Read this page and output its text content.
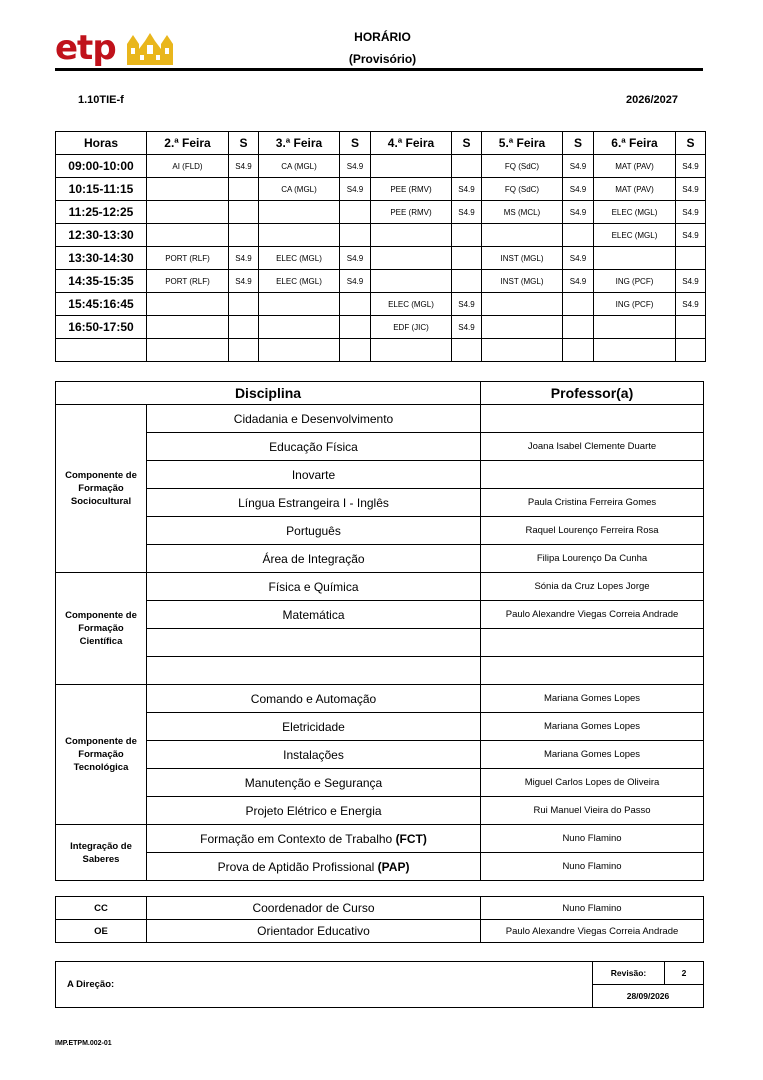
etp	HORÁRIO
(Provisório)
1.10TIE-f	2026/2027
Horas	2.ª Feira	S	3.ª Feira	S	4.ª Feira	S	5.ª Feira	S	6.ª Feira	S
09:00-10:00	AI (FLD)	S4.9	CA (MGL)	S4.9			FQ (SdC)	S4.9	MAT (PAV)	S4.9
10:15-11:15			CA (MGL)	S4.9	PEE (RMV)	S4.9	FQ (SdC)	S4.9	MAT (PAV)	S4.9
11:25-12:25					PEE (RMV)	S4.9	MS (MCL)	S4.9	ELEC (MGL)	S4.9
12:30-13:30									ELEC (MGL)	S4.9
13:30-14:30	PORT (RLF)	S4.9	ELEC (MGL)	S4.9			INST (MGL)	S4.9		
14:35-15:35	PORT (RLF)	S4.9	ELEC (MGL)	S4.9			INST (MGL)	S4.9	ING (PCF)	S4.9
15:45:16:45					ELEC (MGL)	S4.9			ING (PCF)	S4.9
16:50-17:50					EDF (JIC)	S4.9				

Disciplina		Professor(a)

Componente de
Formação
Sociocultural	Cidadania e Desenvolvimento	
	Educação Física	Joana Isabel Clemente Duarte
	Inovarte	
	Língua Estrangeira I - Inglês	Paula Cristina Ferreira Gomes
	Português	Raquel Lourenço Ferreira Rosa
	Área de Integração	Filipa Lourenço Da Cunha

Componente de
Formação
Científica	Física e Química	Sónia da Cruz Lopes Jorge
	Matemática	Paulo Alexandre Viegas Correia Andrade

Componente de
Formação
Tecnológica	Comando e Automação	Mariana Gomes Lopes
	Eletricidade	Mariana Gomes Lopes
	Instalações	Mariana Gomes Lopes
	Manutenção e Segurança	Miguel Carlos Lopes de Oliveira
	Projeto Elétrico e Energia	Rui Manuel Vieira do Passo

Integração de
Saberes	Formação em Contexto de Trabalho (FCT)	Nuno Flamino
	Prova de Aptidão Profissional (PAP)	Nuno Flamino
CC	Coordenador de Curso	Nuno Flamino
OE	Orientador Educativo	Paulo Alexandre Viegas Correia Andrade
A Direção:	Revisão:	2
28/09/2026
IMP.ETPM.002-01
